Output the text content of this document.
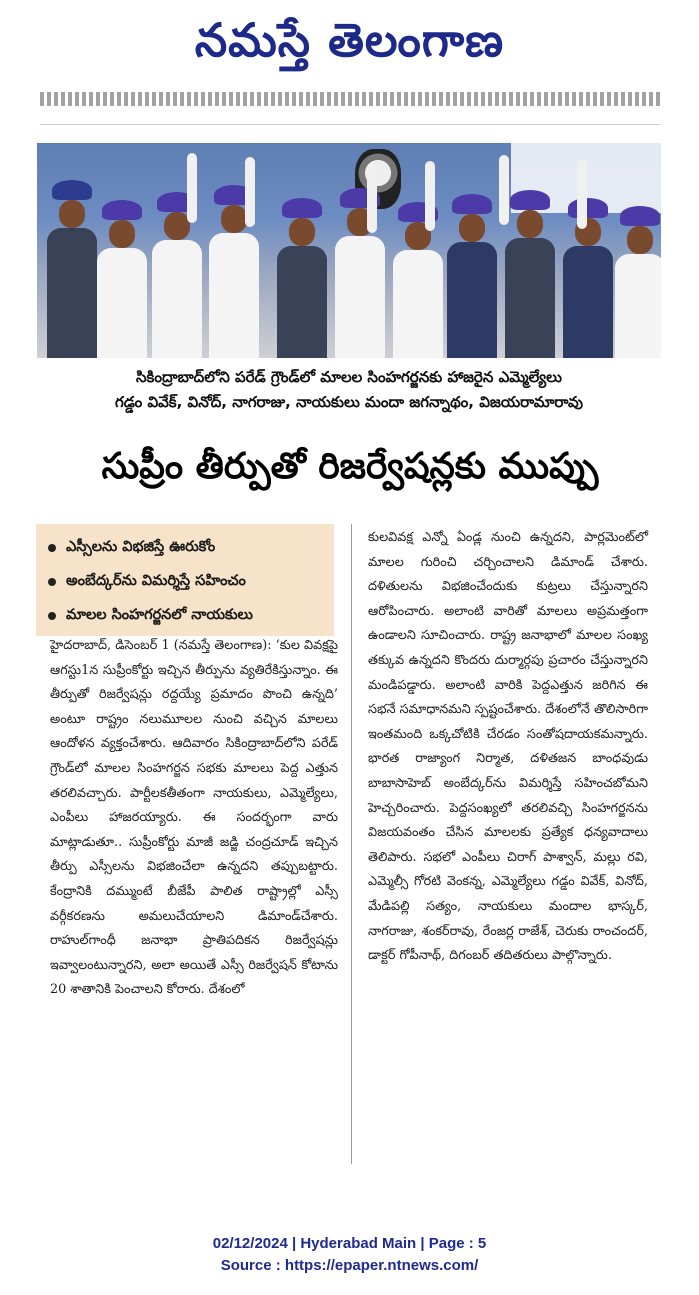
నమస్తే తెలంగాణ
సికింద్రాబాద్‌లోని పరేడ్ గ్రౌండ్‌లో మాలల సింహగర్జనకు హాజరైన ఎమ్మెల్యేలు
గడ్డం వివేక్, వినోద్, నాగరాజు, నాయకులు మందా జగన్నాథం, విజయరామారావు
సుప్రీం తీర్పుతో రిజర్వేషన్లకు ముప్పు
ఎస్సీలను విభజిస్తే ఊరుకోం
అంబేద్కర్‌ను విమర్శిస్తే సహించం
మాలల సింహగర్జనలో నాయకులు

హైదరాబాద్, డిసెంబర్ 1 (నమస్తే తెలంగాణ): ‘కుల వివక్షపై ఆగస్టు1న సుప్రీంకోర్టు ఇచ్చిన తీర్పును వ్యతిరేకిస్తున్నాం. ఈ తీర్పుతో రిజర్వేషన్లు రద్దయ్యే ప్రమాదం పొంచి ఉన్నది’ అంటూ రాష్ట్రం నలుమూలల నుంచి వచ్చిన మాలలు ఆందోళన వ్యక్తంచేశారు. ఆదివారం సికింద్రాబాద్‌లోని పరేడ్ గ్రౌండ్‌లో మాలల సింహగర్జన సభకు మాలలు పెద్ద ఎత్తున తరలివచ్చారు. పార్టీలకతీతంగా నాయకులు, ఎమ్మెల్యేలు, ఎంపీలు హాజరయ్యారు. ఈ సందర్భంగా వారు మాట్లాడుతూ.. సుప్రీంకోర్టు మాజీ జడ్జి చంద్రచూడ్ ఇచ్చిన తీర్పు ఎస్సీలను విభజించేలా ఉన్నదని తప్పుబట్టారు. కేంద్రానికి దమ్ముంటే బీజేపీ పాలిత రాష్ట్రాల్లో ఎస్సీ వర్గీకరణను అమలుచేయాలని డిమాండ్‌చేశారు. రాహుల్‌గాంధీ జనాభా ప్రాతిపదికన రిజర్వేషన్లు ఇవ్వాలంటున్నారని, అలా అయితే ఎస్సీ రిజర్వేషన్ కోటాను 20 శాతానికి పెంచాలని కోరారు. దేశంలో

కులవివక్ష ఎన్నో ఏండ్ల నుంచి ఉన్నదని, పార్లమెంట్‌లో మాలల గురించి చర్చించాలని డిమాండ్ చేశారు. దళితులను విభజించేందుకు కుట్రలు చేస్తున్నారని ఆరోపించారు. అలాంటి వారితో మాలలు అప్రమత్తంగా ఉండాలని సూచించారు. రాష్ట్ర జనాభాలో మాలల సంఖ్య తక్కువ ఉన్నదని కొందరు దుర్మార్గపు ప్రచారం చేస్తున్నారని మండిపడ్డారు. అలాంటి వారికి పెద్దఎత్తున జరిగిన ఈ సభనే సమాధానమని స్పష్టంచేశారు. దేశంలోనే తొలిసారిగా ఇంతమంది ఒక్కచోటికి చేరడం సంతోషదాయకమన్నారు. భారత రాజ్యాంగ నిర్మాత, దళితజన బాంధవుడు బాబాసాహెబ్ అంబేద్కర్‌ను విమర్శిస్తే సహించబోమని హెచ్చరించారు. పెద్దసంఖ్యలో తరలివచ్చి సింహగర్జనను విజయవంతం చేసిన మాలలకు ప్రత్యేక ధన్యవాదాలు తెలిపారు. సభలో ఎంపీలు చిరాగ్ పాశ్వాన్, మల్లు రవి, ఎమ్మెల్సీ గోరటి వెంకన్న, ఎమ్మెల్యేలు గడ్డం వివేక్, వినోద్, మేడిపల్లి సత్యం, నాయకులు మందాల భాస్కర్, నాగరాజు, శంకర్‌రావు, రేంజర్ల రాజేశ్, చెరుకు రాంచందర్, డాక్టర్ గోపీనాథ్, దిగంబర్ తదితరులు పాల్గొన్నారు.

02/12/2024 | Hyderabad Main | Page : 5
Source : https://epaper.ntnews.com/
